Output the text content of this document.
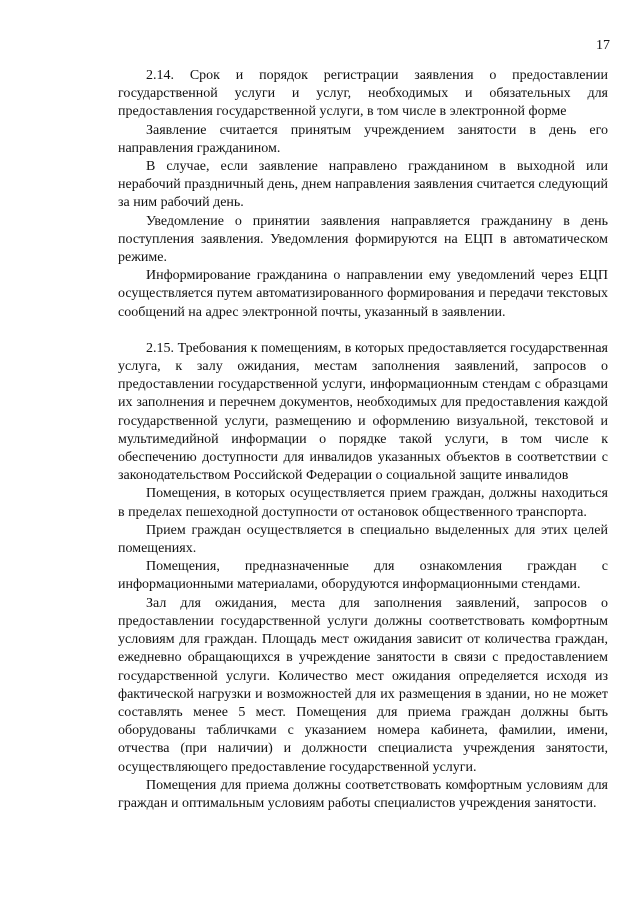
17

2.14. Срок и порядок регистрации заявления о предоставлении государственной услуги и услуг, необходимых и обязательных для предоставления государственной услуги, в том числе в электронной форме

Заявление считается принятым учреждением занятости в день его направления гражданином.

В случае, если заявление направлено гражданином в выходной или нерабочий праздничный день, днем направления заявления считается следующий за ним рабочий день.

Уведомление о принятии заявления направляется гражданину в день поступления заявления. Уведомления формируются на ЕЦП в автоматическом режиме.

Информирование гражданина о направлении ему уведомлений через ЕЦП осуществляется путем автоматизированного формирования и передачи текстовых сообщений на адрес электронной почты, указанный в заявлении.

2.15. Требования к помещениям, в которых предоставляется государственная услуга, к залу ожидания, местам заполнения заявлений, запросов о предоставлении государственной услуги, информационным стендам с образцами их заполнения и перечнем документов, необходимых для предоставления каждой государственной услуги, размещению и оформлению визуальной, текстовой и мультимедийной информации о порядке такой услуги, в том числе к обеспечению доступности для инвалидов указанных объектов в соответствии с законодательством Российской Федерации о социальной защите инвалидов

Помещения, в которых осуществляется прием граждан, должны находиться в пределах пешеходной доступности от остановок общественного транспорта.

Прием граждан осуществляется в специально выделенных для этих целей помещениях.

Помещения, предназначенные для ознакомления граждан с информационными материалами, оборудуются информационными стендами.

Зал для ожидания, места для заполнения заявлений, запросов о предоставлении государственной услуги должны соответствовать комфортным условиям для граждан. Площадь мест ожидания зависит от количества граждан, ежедневно обращающихся в учреждение занятости в связи с предоставлением государственной услуги. Количество мест ожидания определяется исходя из фактической нагрузки и возможностей для их размещения в здании, но не может составлять менее 5 мест. Помещения для приема граждан должны быть оборудованы табличками с указанием номера кабинета, фамилии, имени, отчества (при наличии) и должности специалиста учреждения занятости, осуществляющего предоставление государственной услуги.

Помещения для приема должны соответствовать комфортным условиям для граждан и оптимальным условиям работы специалистов учреждения занятости.
